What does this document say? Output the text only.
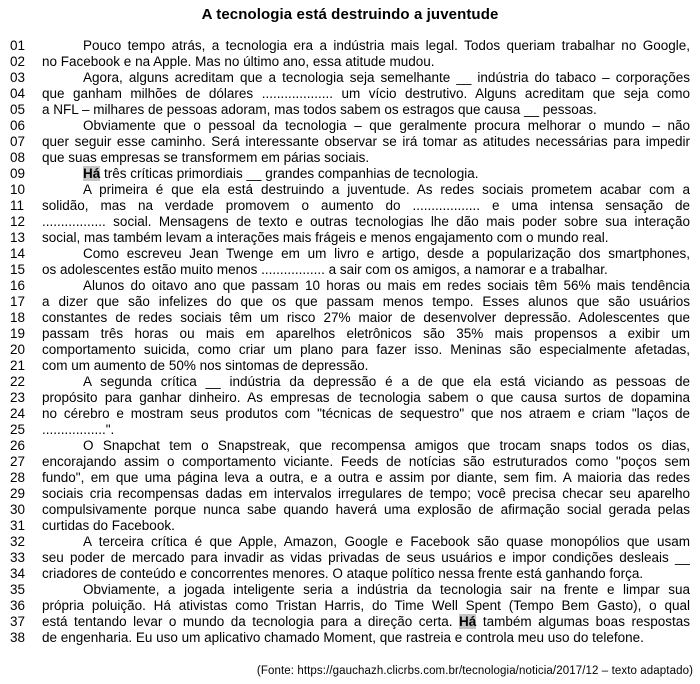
A tecnologia está destruindo a juventude
01	Pouco tempo atrás, a tecnologia era a indústria mais legal. Todos queriam trabalhar no Google,
02	no Facebook e na Apple. Mas no último ano, essa atitude mudou.
03	Agora, alguns acreditam que a tecnologia seja semelhante __ indústria do tabaco – corporações
04	que ganham milhões de dólares ................... um vício destrutivo. Alguns acreditam que seja como
05	a NFL – milhares de pessoas adoram, mas todos sabem os estragos que causa __ pessoas.
06	Obviamente que o pessoal da tecnologia – que geralmente procura melhorar o mundo – não
07	quer seguir esse caminho. Será interessante observar se irá tomar as atitudes necessárias para impedir
08	que suas empresas se transformem em párias sociais.
09	Há três críticas primordiais __ grandes companhias de tecnologia.
10	A primeira é que ela está destruindo a juventude. As redes sociais prometem acabar com a
11	solidão, mas na verdade promovem o aumento do .................. e uma intensa sensação de
12	................. social. Mensagens de texto e outras tecnologias lhe dão mais poder sobre sua interação
13	social, mas também levam a interações mais frágeis e menos engajamento com o mundo real.
14	Como escreveu Jean Twenge em um livro e artigo, desde a popularização dos smartphones,
15	os adolescentes estão muito menos ................. a sair com os amigos, a namorar e a trabalhar.
16	Alunos do oitavo ano que passam 10 horas ou mais em redes sociais têm 56% mais tendência
17	a dizer que são infelizes do que os que passam menos tempo. Esses alunos que são usuários
18	constantes de redes sociais têm um risco 27% maior de desenvolver depressão. Adolescentes que
19	passam três horas ou mais em aparelhos eletrônicos são 35% mais propensos a exibir um
20	comportamento suicida, como criar um plano para fazer isso. Meninas são especialmente afetadas,
21	com um aumento de 50% nos sintomas de depressão.
22	A segunda crítica __ indústria da depressão é a de que ela está viciando as pessoas de
23	propósito para ganhar dinheiro. As empresas de tecnologia sabem o que causa surtos de dopamina
24	no cérebro e mostram seus produtos com "técnicas de sequestro" que nos atraem e criam "laços de
25	.................".
26	O Snapchat tem o Snapstreak, que recompensa amigos que trocam snaps todos os dias,
27	encorajando assim o comportamento viciante. Feeds de notícias são estruturados como "poços sem
28	fundo", em que uma página leva a outra, e a outra e assim por diante, sem fim. A maioria das redes
29	sociais cria recompensas dadas em intervalos irregulares de tempo; você precisa checar seu aparelho
30	compulsivamente porque nunca sabe quando haverá uma explosão de afirmação social gerada pelas
31	curtidas do Facebook.
32	A terceira crítica é que Apple, Amazon, Google e Facebook são quase monopólios que usam
33	seu poder de mercado para invadir as vidas privadas de seus usuários e impor condições desleais __
34	criadores de conteúdo e concorrentes menores. O ataque político nessa frente está ganhando força.
35	Obviamente, a jogada inteligente seria a indústria da tecnologia sair na frente e limpar sua
36	própria poluição. Há ativistas como Tristan Harris, do Time Well Spent (Tempo Bem Gasto), o qual
37	está tentando levar o mundo da tecnologia para a direção certa. Há também algumas boas respostas
38	de engenharia. Eu uso um aplicativo chamado Moment, que rastreia e controla meu uso do telefone.
(Fonte: https://gauchazh.clicrbs.com.br/tecnologia/noticia/2017/12 – texto adaptado)
